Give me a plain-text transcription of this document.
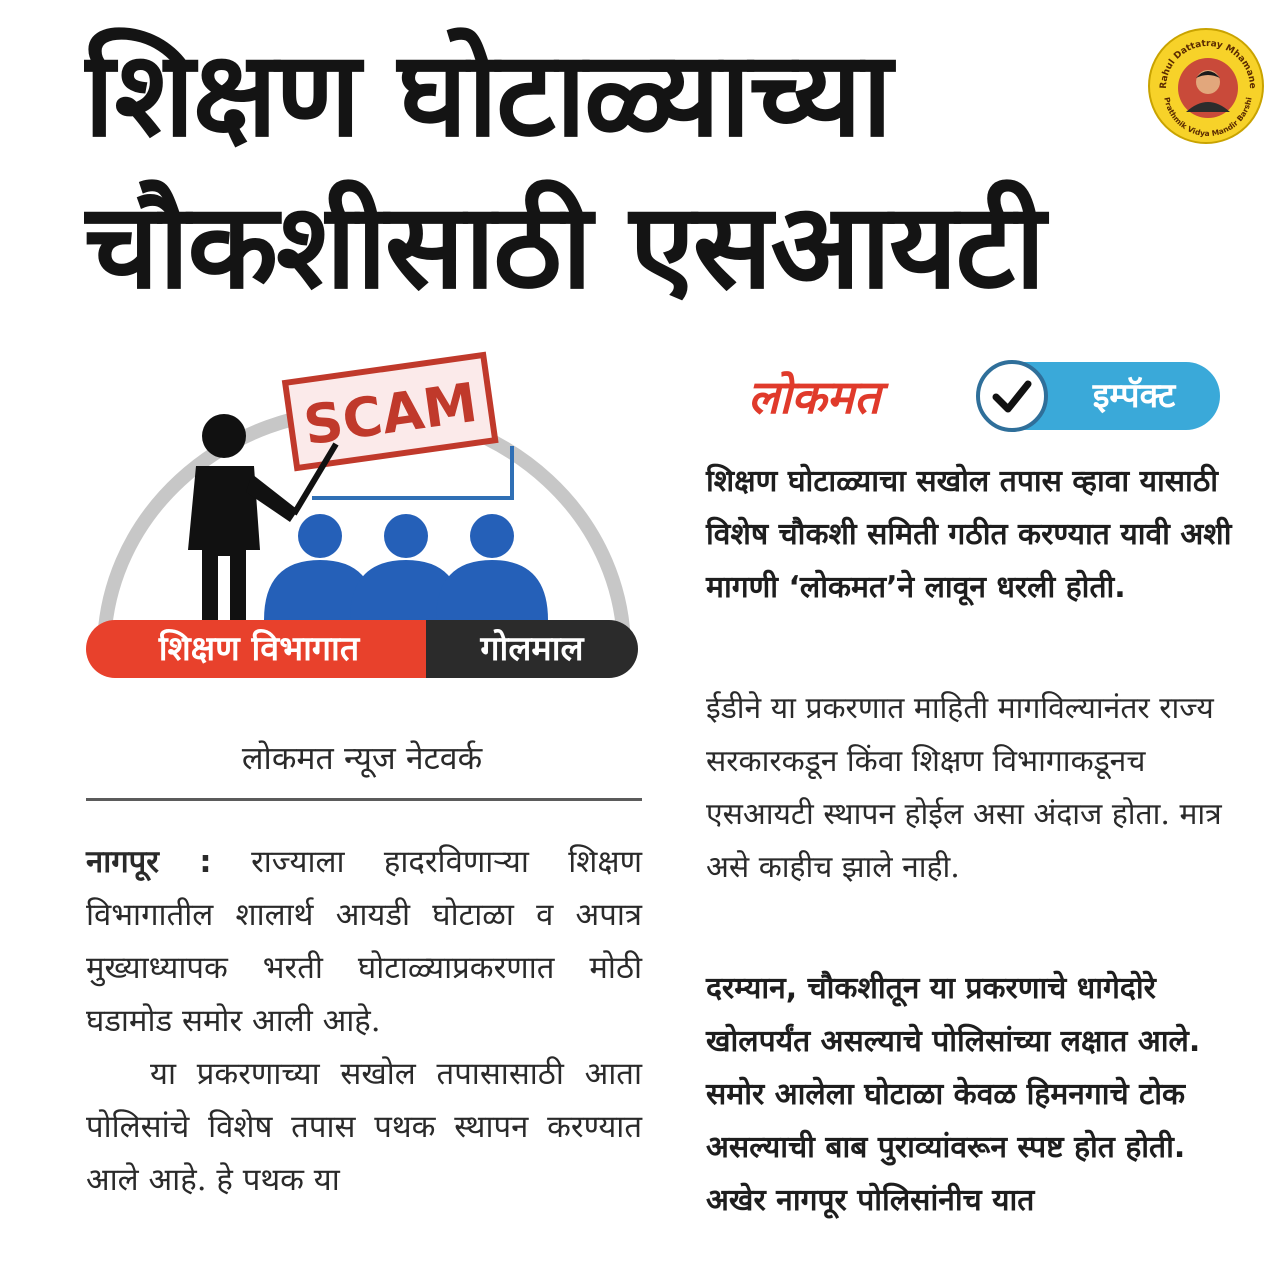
शिक्षण घोटाळ्याच्या
चौकशीसाठी एसआयटी
Rahul Dattatray Mhamane
Prathmik Vidya Mandir Barshi
SCAM
शिक्षण विभागात	गोलमाल
लोकमत न्यूज नेटवर्क

नागपूर : राज्याला हादरविणाऱ्या शिक्षण विभागातील शालार्थ आयडी घोटाळा व अपात्र मुख्याध्यापक भरती घोटाळ्याप्रकरणात मोठी घडामोड समोर आली आहे.

या प्रकरणाच्या सखोल तपासासाठी आता पोलिसांचे विशेष तपास पथक स्थापन करण्यात आले आहे. हे पथक या

लोकमत	इम्पॅक्ट
शिक्षण घोटाळ्याचा सखोल तपास व्हावा यासाठी विशेष चौकशी समिती गठीत करण्यात यावी अशी मागणी ‘लोकमत’ने लावून धरली होती.
ईडीने या प्रकरणात माहिती मागविल्यानंतर राज्य सरकारकडून किंवा शिक्षण विभागाकडूनच एसआयटी स्थापन होईल असा अंदाज होता. मात्र असे काहीच झाले नाही.
दरम्यान, चौकशीतून या प्रकरणाचे धागेदोरे खोलपर्यंत असल्याचे पोलिसांच्या लक्षात आले. समोर आलेला घोटाळा केवळ हिमनगाचे टोक असल्याची बाब पुराव्यांवरून स्पष्ट होत होती. अखेर नागपूर पोलिसांनीच यात
